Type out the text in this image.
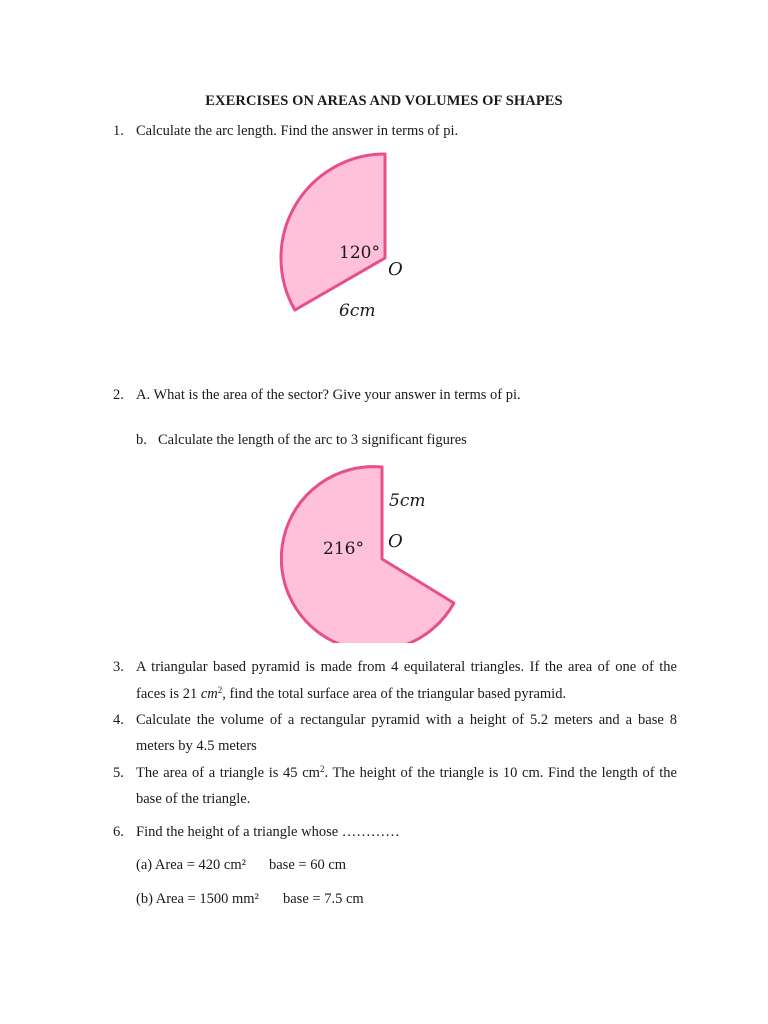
EXERCISES ON AREAS AND VOLUMES OF SHAPES
1. Calculate the arc length. Find the answer in terms of pi.
120°
O
6cm
2. A. What is the area of the sector? Give your answer in terms of pi.
b. Calculate the length of the arc to 3 significant figures
5cm
O
216°
3. A triangular based pyramid is made from 4 equilateral triangles. If the area of one of the
faces is 21 $cm^2$, find the total surface area of the triangular based pyramid.
4. Calculate the volume of a rectangular pyramid with a height of 5.2 meters and a base 8
meters by 4.5 meters
5. The area of a triangle is 45 $cm^2$. The height of the triangle is 10 cm. Find the length of the
base of the triangle.
6. Find the height of a triangle whose …………
(a) Area = 420 cm² base = 60 cm
(b) Area = 1500 mm² base = 7.5 cm
